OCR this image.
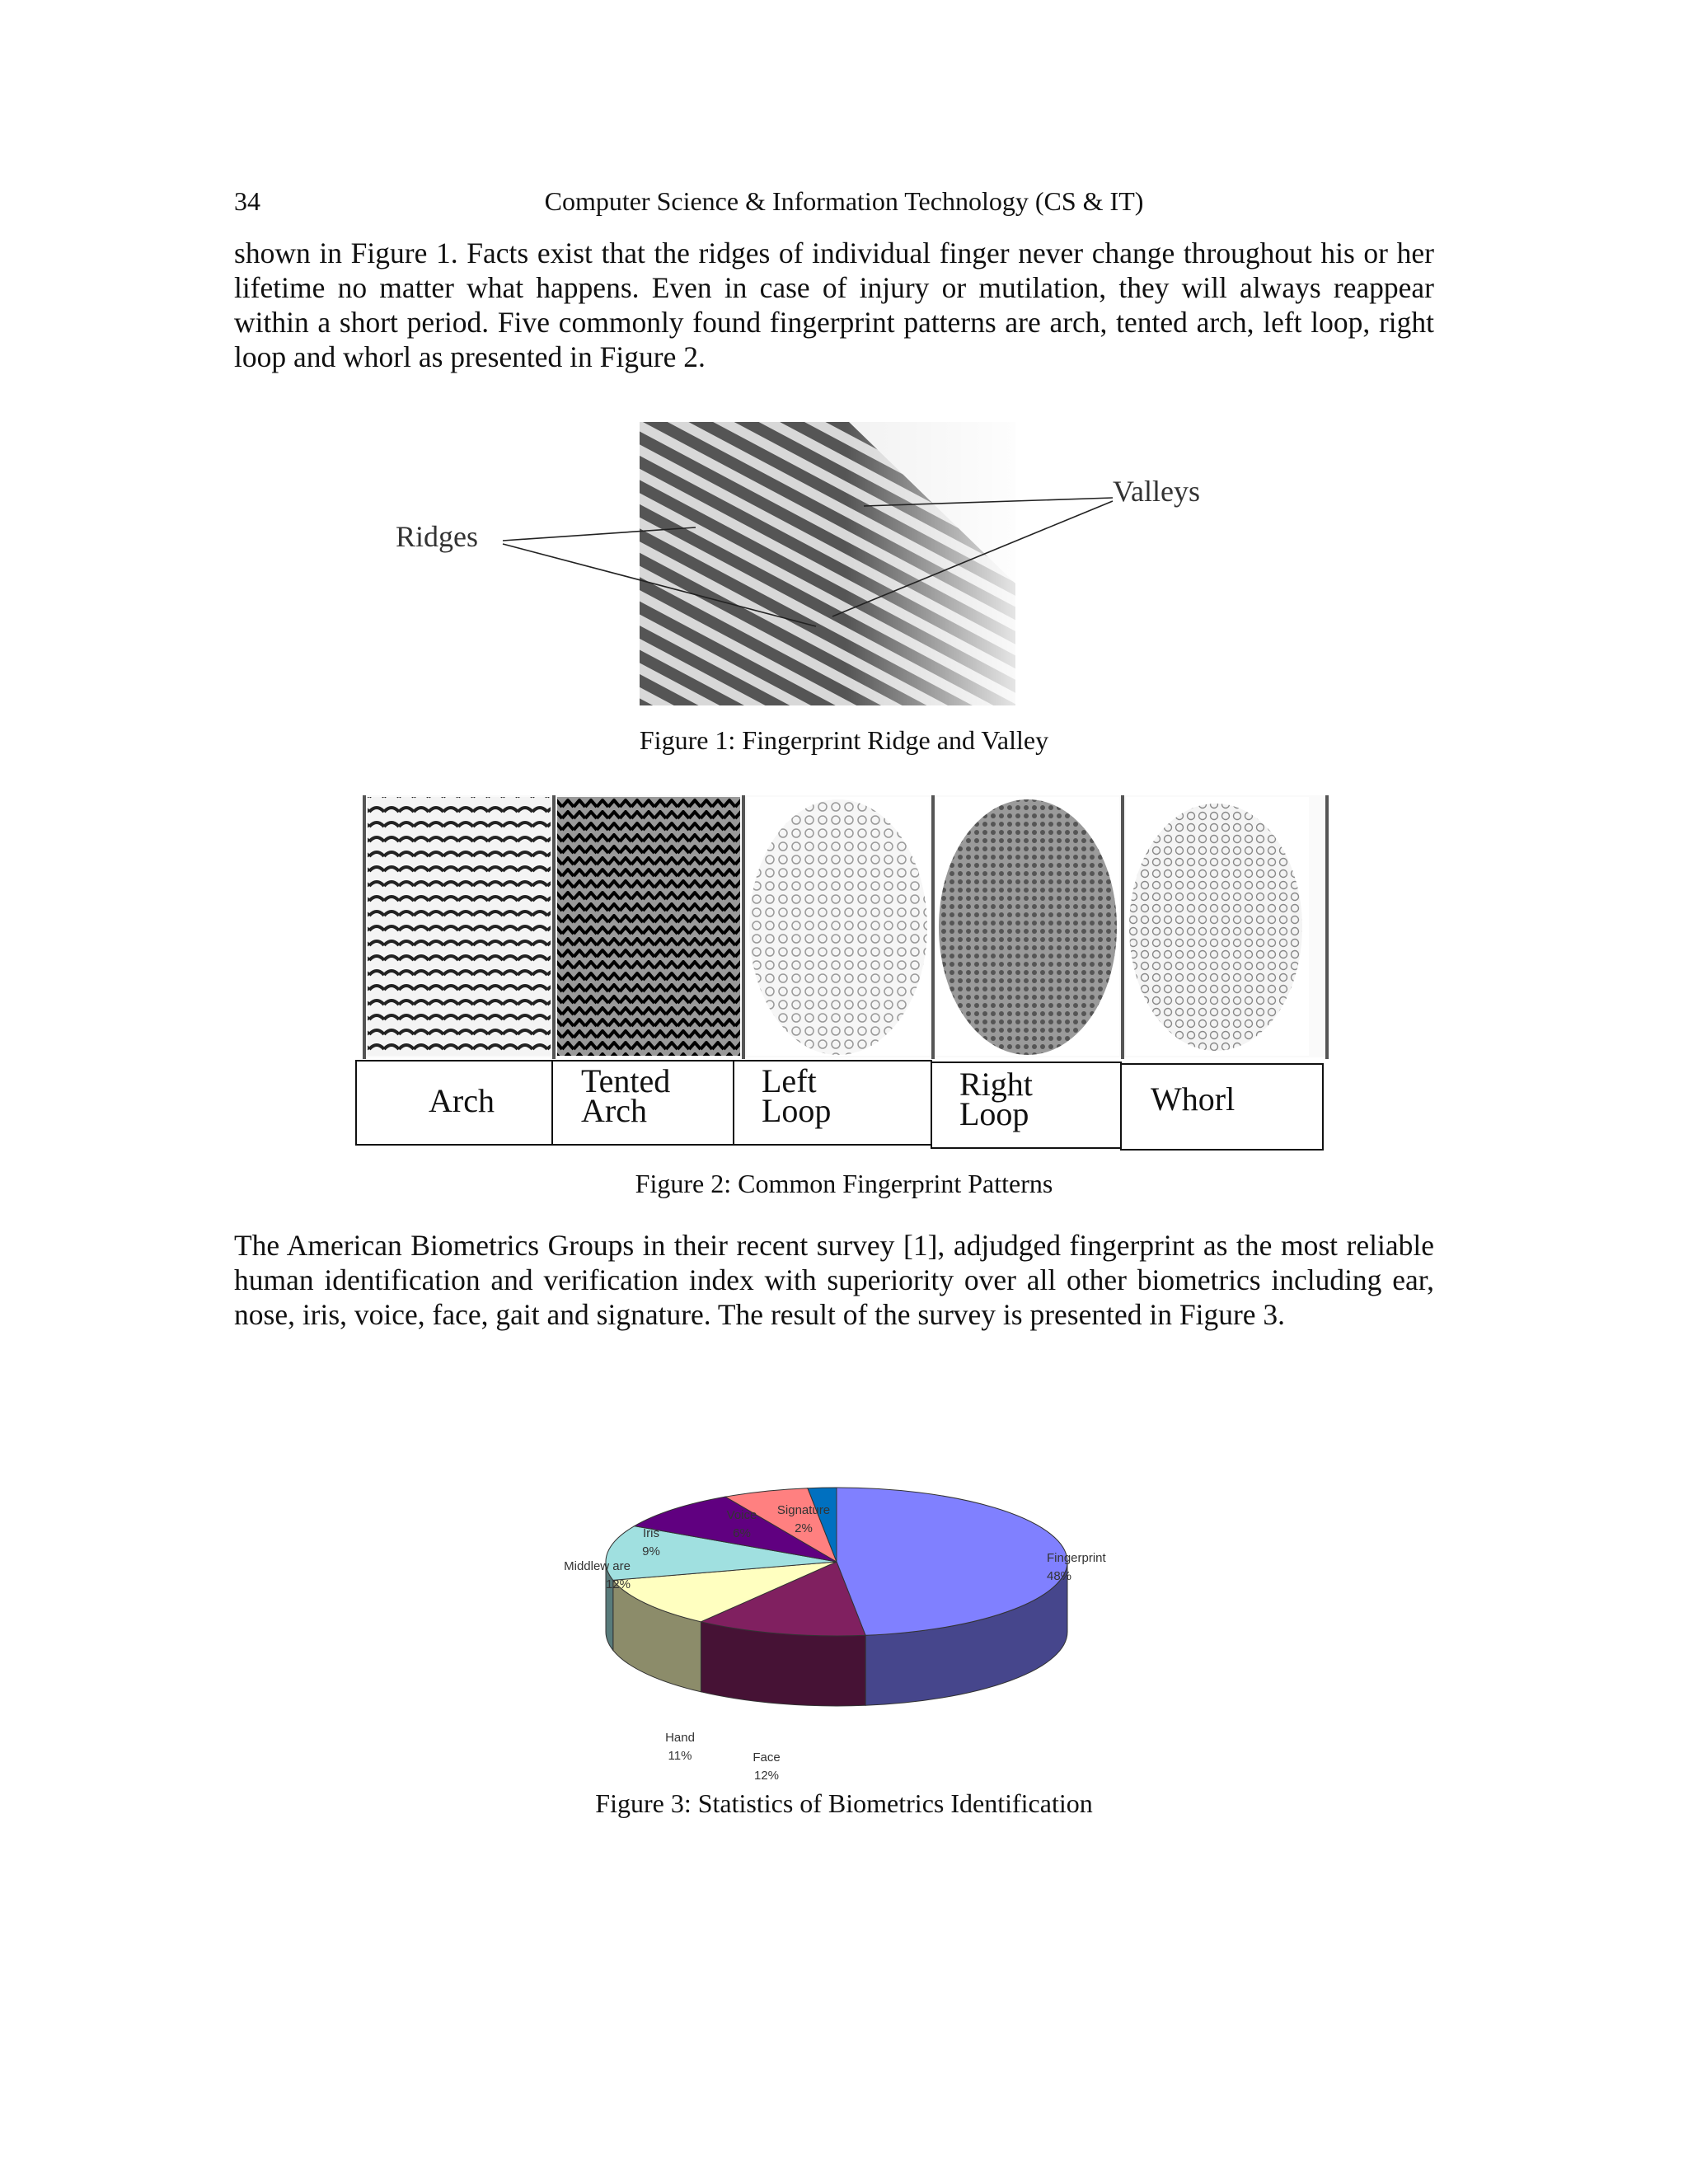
34	Computer Science & Information Technology (CS & IT)

shown in Figure 1. Facts exist that the ridges of individual finger never change throughout his or her lifetime no matter what happens. Even in case of injury or mutilation, they will always reappear within a short period. Five commonly found fingerprint patterns are arch, tented arch, left loop, right loop and whorl as presented in Figure 2.

Ridges
Valleys
Figure 1: Fingerprint Ridge and Valley
Arch
Tented
Arch
Left
Loop
Right
Loop	Whorl
Figure 2: Common Fingerprint Patterns

The American Biometrics Groups in their recent survey [1], adjudged fingerprint as the most reliable human identification and verification index with superiority over all other biometrics including ear, nose, iris, voice, face, gait and signature. The result of the survey is presented in Figure 3.

Fingerprint
48%
Face
12%
Hand
11%
Middlew are
12%
Iris
9%
Voice
6%
Signature
2%
Figure 3: Statistics of Biometrics Identification
